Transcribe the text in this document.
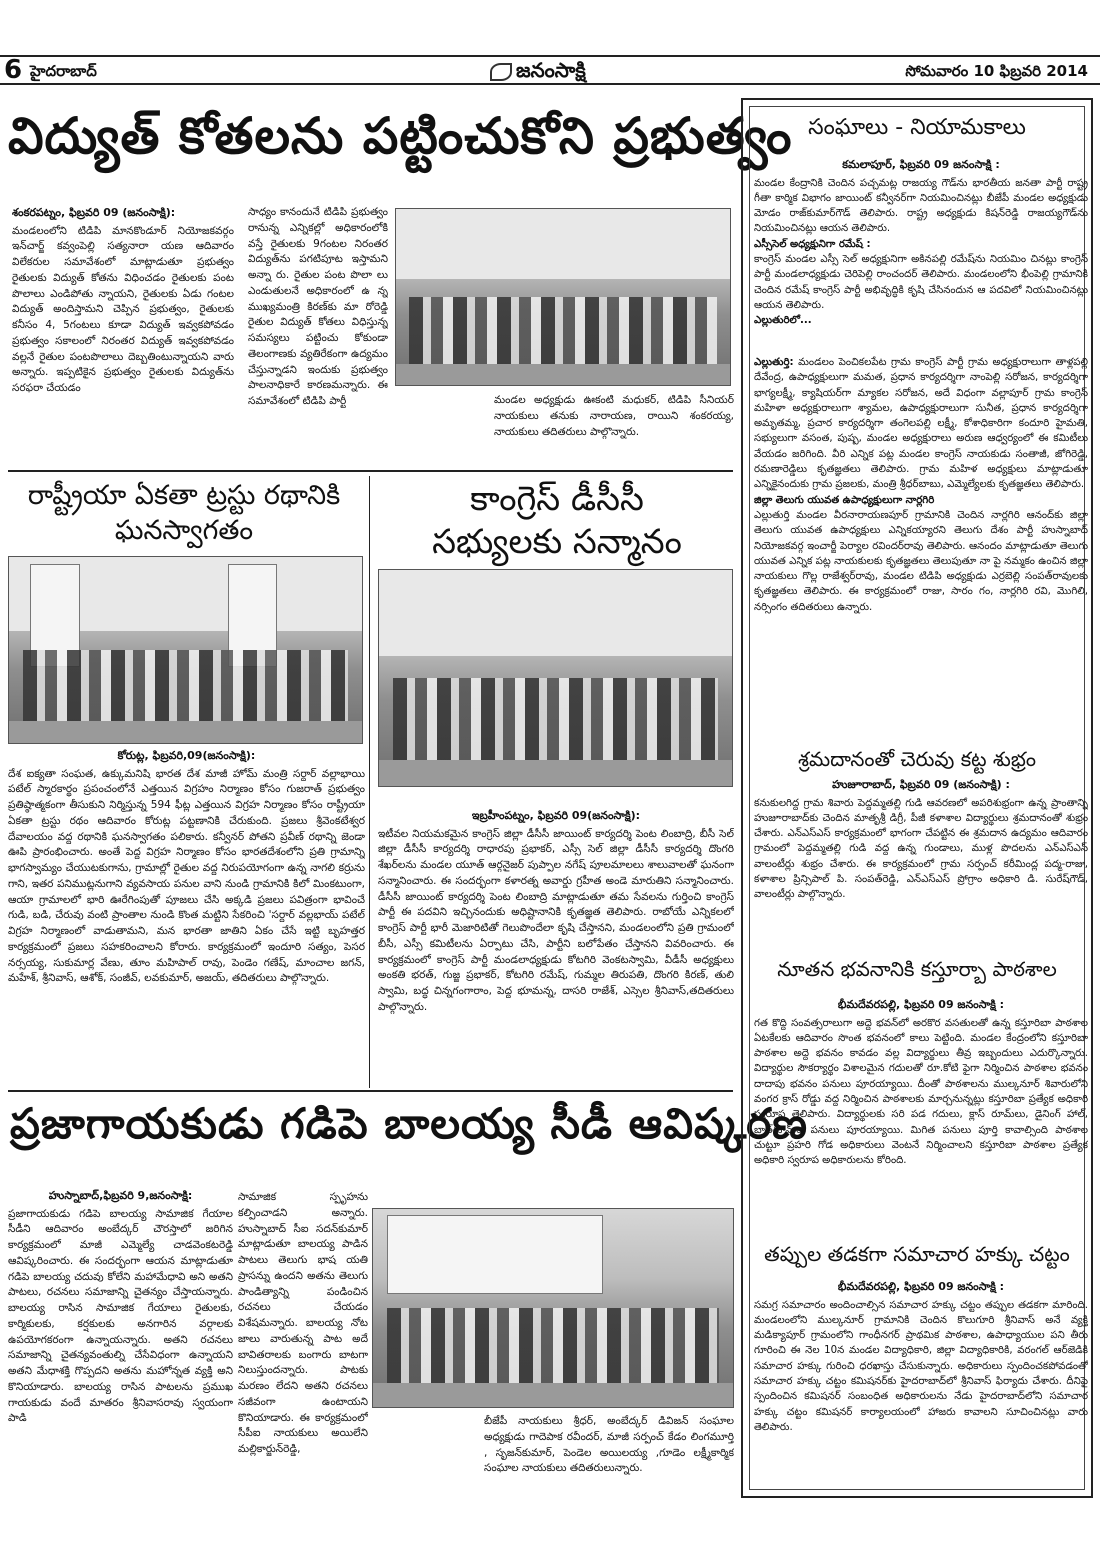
6 హైదరాబాద్	జనంసాక్షి	సోమవారం 10 ఫిబ్రవరి 2014
విద్యుత్ కోతలను పట్టించుకోని ప్రభుత్వం
శంకరపట్నం, ఫిబ్రవరి 09 (జనంసాక్షి):
మండలంలోని టిడిపి మానకొండూర్ నియోజకవర్గం ఇన్‌చార్జ్ కవ్వంపెల్లి సత్యనారా యణ ఆదివారం విలేకరుల సమావేశంలో మాట్లాడుతూ ప్రభుత్వం రైతులకు విద్యుత్ కోతను విధించడం రైతులకు పంట పొలాలు ఎండిపోతు న్నాయని, రైతులకు ఏడు గంటల విద్యుత్ అందిస్తామని చెప్పిన ప్రభుత్వం, రైతులకు కనీసం 4, 5గంటలు కూడా విద్యుత్ ఇవ్వకపోవడం ప్రభుత్వం సకాలంలో నిరంతర విద్యుత్ ఇవ్వకపోవడం వల్లనే రైతుల పంటపొలాలు దెబ్బతింటున్నాయని వారు అన్నారు. ఇప్పటికైన ప్రభుత్వం రైతులకు విద్యుత్‌ను సరఫరా చేయడం
సాధ్యం కానందునే టిడిపి ప్రభుత్వం రానున్న ఎన్నికల్లో అధికారంలోకి వస్తే రైతులకు 9గంటల నిరంతర విద్యుత్‌ను పగటిపూట ఇస్తామని అన్నా రు. రైతుల పంట పొలా లు ఎండుతులనే అధికారంలో ఉ న్న ముఖ్యమంత్రి కిరణ్‌కు మా రోరెడ్డి రైతుల విద్యుత్ కోతలు విధిస్తున్న సమస్యలు పట్టించు కోకుండా తెలంగాణకు వ్యతిరేకంగా ఉద్యమం చేస్తున్నాడని ఇందుకు ప్రభుత్వం పాలనాధికారే కారణమన్నారు. ఈ సమావేశంలో టిడిపి పార్టీ	మండల అధ్యక్షుడు ఊకంటి మధుకర్, టిడిపి సీనియర్ నాయకులు తనుకు నారాయణ, రాయిని శంకరయ్య, నాయకులు తదితరులు పాల్గొన్నారు.
రాష్ట్రీయా ఏకతా ట్రస్టు రథానికి
ఘనస్వాగతం
కోరుట్ల, ఫిబ్రవరి,09(జనంసాక్షి):
దేశ ఐక్యతా సంఘత, ఉక్కుమనిషి భారత దేశ మాజీ హోమ్ మంత్రి సర్దార్ వల్లాభాయి పటేల్ స్మారకార్థం ప్రపంచంలోనే ఎత్తయిన విగ్రహం నిర్మాణం కోసం గుజరాత్ ప్రభుత్వం ప్రతిష్ఠాత్మకంగా తీసుకుని నిర్మిస్తున్న 594 ఫీట్ల ఎత్తయిన విగ్రహ నిర్మాణం కోసం రాష్ట్రీయా ఏకతా ట్రస్టు రథం ఆదివారం కోరుట్ల పట్టణానికి చేరుకుంది. ప్రజలు శ్రీవెంకటేశ్వర దేవాలయం వద్ద రథానికి ఘనస్వాగతం పలికారు. కన్వీనర్ పోతని ప్రవీణ్ రథాన్ని జెండా ఊపి ప్రారంభించారు. అంతే పెద్ద విగ్రహ నిర్మాణం కోసం భారతదేశంలోని ప్రతి గ్రామాన్ని భాగస్వామ్యం చేయుటకుగాను, గ్రామాల్లో రైతుల వద్ద నిరుపయోగంగా ఉన్న నాగలి కర్రును గాని, ఇతర పనిముట్లనుగాని వ్యవసాయ పనుల వాని నుండి గ్రామానికి కిలో మింకటుంగా, ఆయా గ్రామాలలో భారి ఊరేగింపుతో పూజలు చేసి అక్కడి ప్రజలు పవిత్రంగా భావించే గుడి, బడి, చేరువు వంటి ప్రాంతాల నుండి కొంత మట్టిని సేకరించి 'సర్దార్ వల్లభాయ్ పటేల్ విగ్రహ నిర్మాణంలో వాడుతామని, మన భారతా జాతిని ఏకం చేసే ఇట్టి బృహత్తర కార్యక్రమంలో ప్రజలు సహకరించాలని కోరారు. కార్యక్రమంలో ఇందూరి సత్యం, పెసర నర్సయ్య, సుకుమార్ల వేణు, తూం మహిపాల్ రావు, పెండెం గణేష్, మాంచాల జగన్, మహేశ్, శ్రీనివాస్, ఆశోక్, సంజీవ్, లవకుమార్, అజయ్, తదితరులు పాల్గొన్నారు.
కాంగ్రెస్ డీసీసీ
సభ్యులకు సన్మానం
ఇబ్రహీంపట్నం, ఫిబ్రవరి 09(జనంసాక్షి):
ఇటీవల నియమకమైన కాంగ్రెస్ జిల్లా డీసీసీ జాయింట్ కార్యదర్శి పెంట లింబాద్రి, బీసీ సెల్ జిల్లా డీసీసీ కార్యదర్శి రాధారపు ప్రభాకర్, ఎస్సీ సెల్ జిల్లా డీసీసీ కార్యదర్శి దొంగరి శేఖర్‌లను మండల యూత్ ఆర్గనైజర్ పుప్పాల నగేష్ పూలమాలలు శాలువాలతో ఘనంగా సన్మానించారు. ఈ సందర్భంగా కళారత్న అవార్డు గ్రహీత అండె మారుతిని సన్మానించారు. డీసీసీ జాయింట్ కార్యదర్శి పెంట లింబాద్రి మాట్లాడుతూ తమ సేవలను గుర్తించి కాంగ్రెస్ పార్టీ ఈ పదవిని ఇచ్చినందుకు అధిష్టానానికి కృతజ్ఞత తెలిపారు. రాబోయే ఎన్నికలలో కాంగ్రెస్ పార్టీ భారీ మెజారిటితో గెలుపొందేలా కృషి చేస్తానని, మండలంలోని ప్రతి గ్రామంలో బీసీ, ఎస్సీ కమిటీలను ఏర్పాటు చేసి, పార్టీని బలోపేతం చేస్తానని వివరించారు. ఈ కార్యక్రమంలో కాంగ్రెస్ పార్టీ మండలాధ్యక్షుడు కోటగిరి వెంకటస్వామి, వీడీసీ అధ్యక్షులు అంకతి భరత్, గుజ్జ ప్రభాకర్, కోటగిరి రమేష్, గుమ్మల తిరుపతి, దొంగరి కిరణ్, తులి స్వామి, బద్ధ చిన్నగంగారాం, పెద్ద భూమన్న, దాసరి రాజేశ్, ఎస్సెల శ్రీనివాస్,తదితరులు పాల్గొన్నారు.
ప్రజాగాయకుడు గడిపె బాలయ్య సీడీ ఆవిష్కరణ
హుస్నాబాద్,ఫిబ్రవరి 9,జనంసాక్షి:
ప్రజాగాయకుడు గడిపె బాలయ్య సామాజిక గేయాల సీడీని ఆదివారం అంబేద్కర్ చౌరస్తాలో జరిగిన కార్యక్రమంలో మాజీ ఎమ్మెల్యే చాడవెంకటరెడ్డి ఆవిష్కరించారు. ఈ సందర్భంగా ఆయన మాట్లాడుతూ గడిపె బాలయ్య చదువు కోలేని మహామేధావి అని అతని పాటలు, రచనలు సమాజాన్ని చైతన్యం చేస్తాయన్నారు. బాలయ్య రాసిన సామాజిక గేయాలు రైతులకు, కార్మికులకు, కర్షకులకు అనగారిన వర్గాలకు ఉపయోగకరంగా ఉన్నాయన్నారు. అతని రచనలు సమాజాన్ని చైతన్యవంతుల్ని చేసేవిధంగా ఉన్నాయని అతని మేధాశక్తి గొప్పదని అతను మహోన్నత వ్యక్తి అని కొనియాడారు. బాలయ్య రాసిన పాటలను ప్రముఖ గాయకుడు వందే మాతరం శ్రీనివాసరావు స్వయంగా పాడి
సామాజిక స్పృహను కల్పించాడని అన్నారు. హుస్నాబాద్ సీఐ సదన్‌కుమార్ మాట్లాడుతూ బాలయ్య పాడిన పాటలు తెలుగు భాష యతి ప్రాసన్ను ఉందని అతను తెలుగు పాండిత్యాన్ని పండించిన రచనలు చేయడం విశేషమన్నారు. బాలయ్య నోట జాలు వారుతున్న పాట అదే బావితరాలకు బంగారు బాటగా నిలుస్తుందన్నారు. పాటకు మరణం లేదని అతని రచనలు సజీవంగా ఉంటాయని కొనియాడారు. ఈ కార్యక్రమంలో సీపీఐ నాయకులు అయిలేని మల్లికార్జున్‌రెడ్డి,
బీజేపీ నాయకులు శ్రీధర్, అంబేద్కర్ డివిజన్ సంఘాల అధ్యక్షుడు గాదెపాక రవీందర్, మాజీ సర్పంచ్ కేడం లింగమూర్తి , సృజన్‌కుమార్, పెండెల అయిలయ్య ,గూడెం లక్ష్మీకార్మిక సంఘాల నాయకులు తదితరులున్నారు.
సంఘాలు - నియామకాలు
కమలాపూర్, ఫిబ్రవరి 09 జనంసాక్షి :
మండల కేంద్రానికి చెందిన పచ్చమట్ల రాజయ్య గౌడ్‌ను భారతీయ జనతా పార్టీ రాష్ట్ర గీతా కార్మిక విభాగం జాయింట్ కన్వీనర్‌గా నియమించినట్లు బీజేపీ మండల అధ్యక్షుడు మోడం రాజ్‌కుమార్‌గౌడ్ తెలిపారు. రాష్ట్ర అధ్యక్షుడు కిషన్‌రెడ్డి రాజయ్యగౌడ్‌ను నియమించినట్లు ఆయన తెలిపారు.
ఎస్సీసెల్ అధ్యక్షునిగా రమేష్ :
కాంగ్రెస్ మండల ఎస్సీ సెల్ అధ్యక్షునిగా అకినపల్లి రమేష్‌ను నియమిం చినట్లు కాంగ్రెస్ పార్టీ మండలాధ్యక్షుడు చెరిపెల్లి రాంచందర్ తెలిపారు. మండలంలోని భీంపెల్లి గ్రామానికి చెందిన రమేష్ కాంగ్రెస్ పార్టీ అభివృద్ధికి కృషి చేసినందున ఆ పదవిలో నియమించినట్లు ఆయన తెలిపారు.
ఎల్లుతురిలో...
ఎల్లుతుర్తి: మండలం పెంచికలపేట గ్రామ కాంగ్రెస్ పార్టీ గ్రామ అధ్యక్షురాలుగా తాళ్లపల్లి దేవేంద్ర, ఉపాధ్యక్షులుగా మమత, ప్రధాన కార్యదర్శిగా నాంపెల్లి సరోజన, కార్యదర్శిగా భాగ్యలక్ష్మీ, క్యాషియర్‌గా మ్యాకల సరోజన, అదే విధంగా వల్లాపూర్ గ్రామ కాంగ్రెస్ మహిళా అధ్యక్షురాలుగా శ్యామల, ఉపాధ్యక్షురాలుగా సునీత, ప్రధాన కార్యదర్శిగా అమృతమ్మ, ప్రచార కార్యదర్శిగా తంగెలపల్లి లక్ష్మీ, కోశాధికారిగా కందూరి హైమతి, సభ్యులుగా వసంత, పుష్ప, మండల అధ్యక్షురాలు అరుణ ఆధ్వర్యంలో ఈ కమిటీలు వేయడం జరిగింది. వీరి ఎన్నిక పట్ల మండల కాంగ్రెస్ నాయకుడు సంతాజీ, జోగిరెడ్డి, రమణారెడ్డిలు కృతజ్ఞతలు తెలిపారు. గ్రామ మహిళ అధ్యక్షులు మాట్లాడుతూ ఎన్నికైనందుకు గ్రామ ప్రజలకు, మంత్రి శ్రీధర్‌బాబు, ఎమ్మెల్యేలకు కృతజ్ఞతలు తెలిపారు.
జిల్లా తెలుగు యువత ఉపాధ్యక్షులుగా నార్లగిరి
ఎల్లుతుర్తి మండల వీరనారాయణపూర్ గ్రామానికి చెందిన నార్లగిరి ఆనంద్‌కు జిల్లా తెలుగు యువత ఉపాధ్యక్షులు ఎన్నికయ్యారని తెలుగు దేశం పార్టీ హుస్నాబాద్ నియోజకవర్గ ఇంచార్జీ పెర్యాల రవిందర్‌రావు తెలిపారు. ఆనందం మాట్లాడుతూ తెలుగు యువత ఎన్నిక పట్ల నాయకులకు కృతజ్ఞతలు తెలుపుతూ నా పై నమ్మకం ఉంచిన జిల్లా నాయకులు గొల్ల రాజేశ్వర్‌రావు, మండల టిడిపి అధ్యక్షుడు ఎర్రబెల్లి సంపత్‌రావులకు కృతజ్ఞతలు తెలిపారు. ఈ కార్యక్రమంలో రాజు, సారం గం, నార్లగిరి రవి, మొగిలి, నర్సింగం తదితరులు ఉన్నారు.
శ్రమదానంతో చెరువు కట్ట శుభ్రం
హుజూరాబాద్, ఫిబ్రవరి 09 (జనంసాక్షి) :
కనుకులగిద్ద గ్రామ శివారు పెద్దమ్మతల్లి గుడి ఆవరణలో అపరిశుభ్రంగా ఉన్న ప్రాంతాన్ని హుజూరాబాద్‌కు చెందిన మాతృశ్రీ డిగ్రీ, పీజీ కళాశాల విద్యార్థులు శ్రమదానంతో శుభ్రం చేశారు. ఎన్ఎస్ఎస్ కార్యక్రమంలో భాగంగా చేపట్టిన ఈ శ్రమదాన ఉద్యమం ఆదివారం గ్రామంలో పెద్దమ్మతల్లి గుడి వద్ద ఉన్న గుండాలు, ముళ్ల పొదలను ఎన్ఎస్ఎస్ వాలంటీర్లు శుభ్రం చేశారు. ఈ కార్యక్రమంలో గ్రామ సర్పంచ్ కరీమింద్ల పద్మ-రాజు, కళాశాల ప్రిన్సిపాల్ పి. సంపత్‌రెడ్డి, ఎన్ఎస్ఎస్ ప్రోగ్రాం అధికారి డి. సురేష్‌గౌడ్, వాలంటీర్లు పాల్గొన్నారు.
నూతన భవనానికి కస్తూర్బా పాఠశాల
భీమదేవరపల్లి, ఫిబ్రవరి 09 జనంసాక్షి :
గత కొద్ది సంవత్సరాలుగా అద్దె భవన్‌లో అరకొర వసతులతో ఉన్న కస్తూరిబా పాఠశాల ఏటకేలకు ఆదివారం సొంత భవనంలో కాలు పెట్టింది. మండల కేంద్రంలోని కస్తూరిబా పాఠశాల అద్దె భవనం కావడం వల్ల విద్యార్థులు తీవ్ర ఇబ్బందులు ఎదుర్కొన్నారు. విద్యార్థుల సౌకర్యార్థం విశాలమైన గదులతో రూ.కోటి ఫైగా నిర్మించిన పాఠశాల భవనం దాదాపు భవనం పనులు పూరయ్యాయి. దీంతో పాఠశాలను ముల్కనూర్ శివారులోని వంగర క్రాస్ రోడ్డు వద్ద నిర్మించిన పాఠశాలకు మార్చనున్నట్లు కస్తూరిబా ప్రత్యేక అధికారి స్వరూప తెలిపారు. విద్యార్థులకు సరి పడ గదులు, క్లాస్ రూమ్‌లు, డైనింగ్ హాల్, బాత్‌రూమ్‌ల పనులు పూరయ్యాయి. మిగిత పనులు పూర్తి కావాల్సింది పాఠశాల చుట్టూ ప్రహరి గోడ అధికారులు వెంటనే నిర్మించాలని కస్తూరిబా పాఠశాల ప్రత్యేక అధికారి స్వరూప అధికారులను కోరింది.
తప్పుల తడకగా సమాచార హక్కు చట్టం
భీమదేవరపల్లి, ఫిబ్రవరి 09 జనంసాక్షి :
సమగ్ర సమాచారం అందించాల్సిన సమాచార హక్కు చట్టం తప్పుల తడకగా మారింది. మండలంలోని ముల్కనూర్ గ్రామానికి చెందిన కొలుగూరి శ్రీనివాస్ అనే వ్యక్తి మడిక్యాపూర్ గ్రామంలోని గాంధీనగర్ ప్రాథమిక పాఠశాల, ఉపాధ్యాయుల పని తీరు గూరించి ఈ నెల 10న మండల విద్యాధికారి, జిల్లా విద్యాధికారికి, వరంగల్ ఆర్‌జెడికి సమాచార హక్కు గురించి ధరఖాస్తు చేసుకున్నారు. అధికారులు స్పందించకపోవడంతో సమాచార హక్కు చట్టం కమిషనర్‌కు హైదరాబాద్‌లో శ్రీనివాస్ ఫిర్యాదు చేశారు. దీనిపై స్పందించిన కమిషనర్ సంబంధిత అధికారులను నేడు హైదరాబాద్‌లోని సమాచార హక్కు చట్టం కమిషనర్ కార్యాలయంలో హాజరు కావాలని సూచించినట్లు వారు తెలిపారు.
